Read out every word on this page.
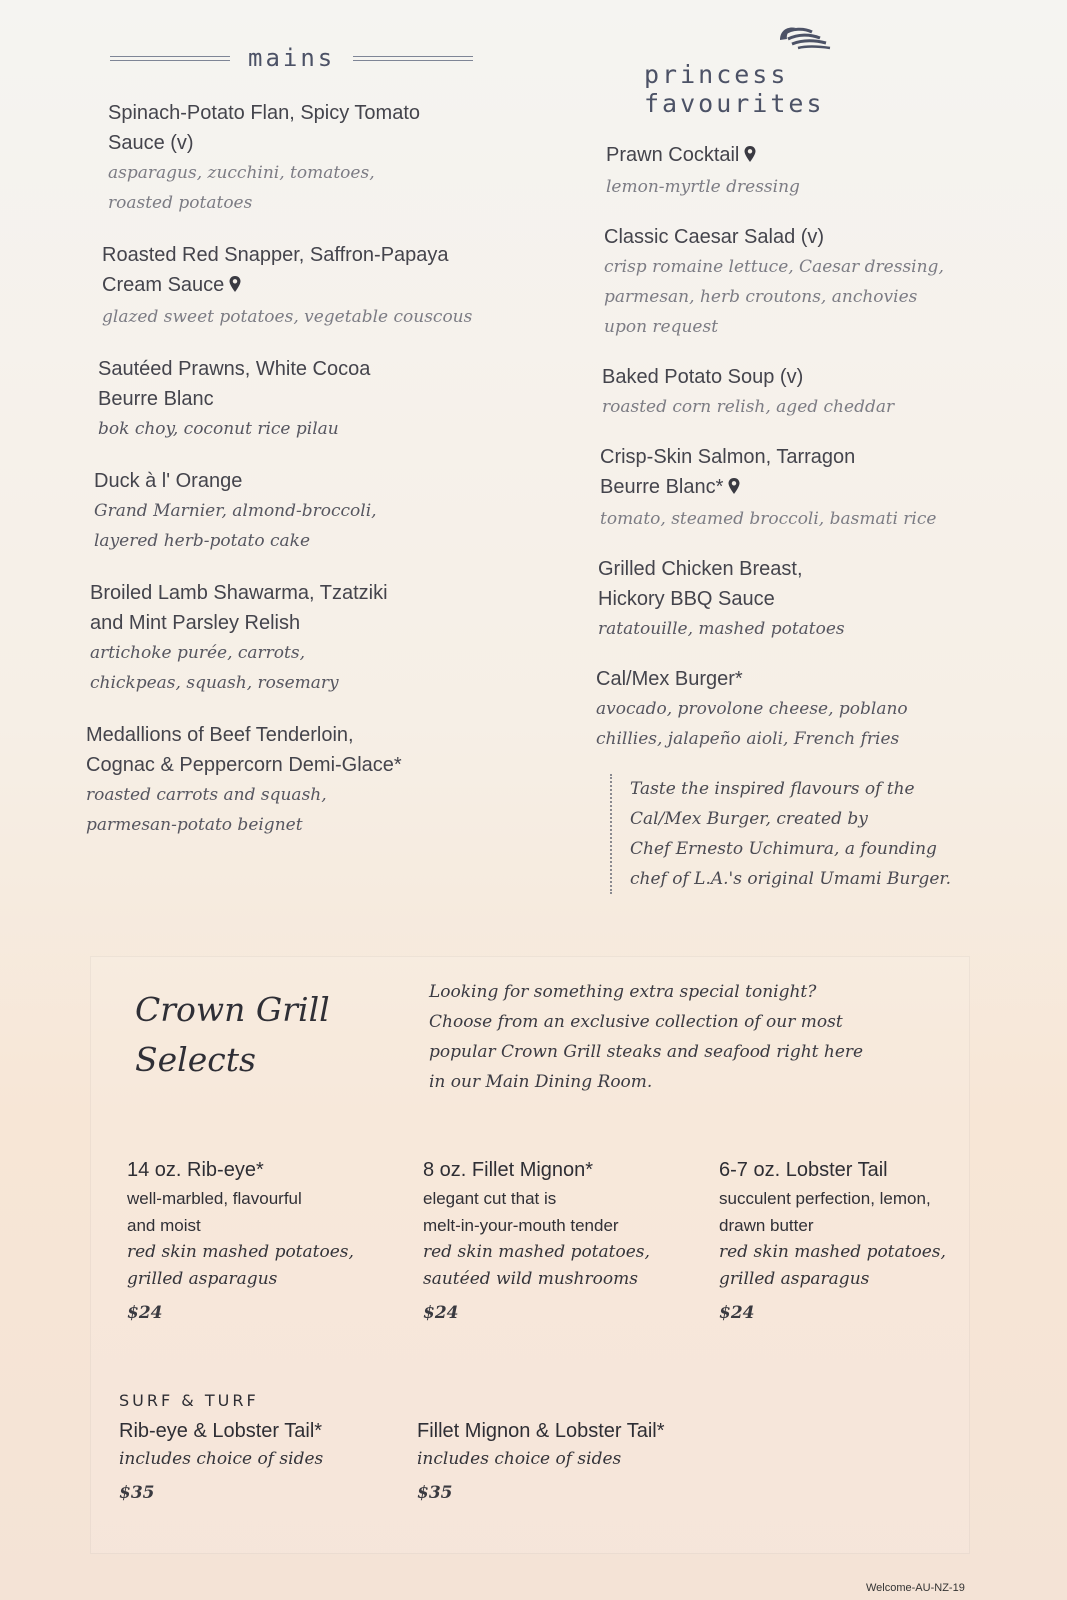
mains
Spinach-Potato Flan, Spicy Tomato
Sauce (v)
asparagus, zucchini, tomatoes,
roasted potatoes
Roasted Red Snapper, Saffron-Papaya
Cream Sauce
glazed sweet potatoes, vegetable couscous
Sautéed Prawns, White Cocoa
Beurre Blanc
bok choy, coconut rice pilau
Duck à l' Orange
Grand Marnier, almond-broccoli,
layered herb-potato cake
Broiled Lamb Shawarma, Tzatziki
and Mint Parsley Relish
artichoke purée, carrots,
chickpeas, squash, rosemary
Medallions of Beef Tenderloin,
Cognac & Peppercorn Demi-Glace*
roasted carrots and squash,
parmesan-potato beignet
princess favourites
Prawn Cocktail
lemon-myrtle dressing
Classic Caesar Salad (v)
crisp romaine lettuce, Caesar dressing,
parmesan, herb croutons, anchovies
upon request
Baked Potato Soup (v)
roasted corn relish, aged cheddar
Crisp-Skin Salmon, Tarragon
Beurre Blanc*
tomato, steamed broccoli, basmati rice
Grilled Chicken Breast,
Hickory BBQ Sauce
ratatouille, mashed potatoes
Cal/Mex Burger*
avocado, provolone cheese, poblano
chillies, jalapeño aioli, French fries

Taste the inspired flavours of the

Cal/Mex Burger, created by

Chef Ernesto Uchimura, a founding

chef of L.A.'s original Umami Burger.

Crown Grill
Selects

Looking for something extra special tonight?

Choose from an exclusive collection of our most

popular Crown Grill steaks and seafood right here

in our Main Dining Room.

14 oz. Rib-eye*
well-marbled, flavourful
and moist
red skin mashed potatoes,
grilled asparagus
$24
8 oz. Fillet Mignon*
elegant cut that is
melt-in-your-mouth tender
red skin mashed potatoes,
sautéed wild mushrooms
$24
6-7 oz. Lobster Tail
succulent perfection, lemon,
drawn butter
red skin mashed potatoes,
grilled asparagus
$24
SURF & TURF
Rib-eye & Lobster Tail*
includes choice of sides
$35
Fillet Mignon & Lobster Tail*
includes choice of sides
$35
Welcome-AU-NZ-19
